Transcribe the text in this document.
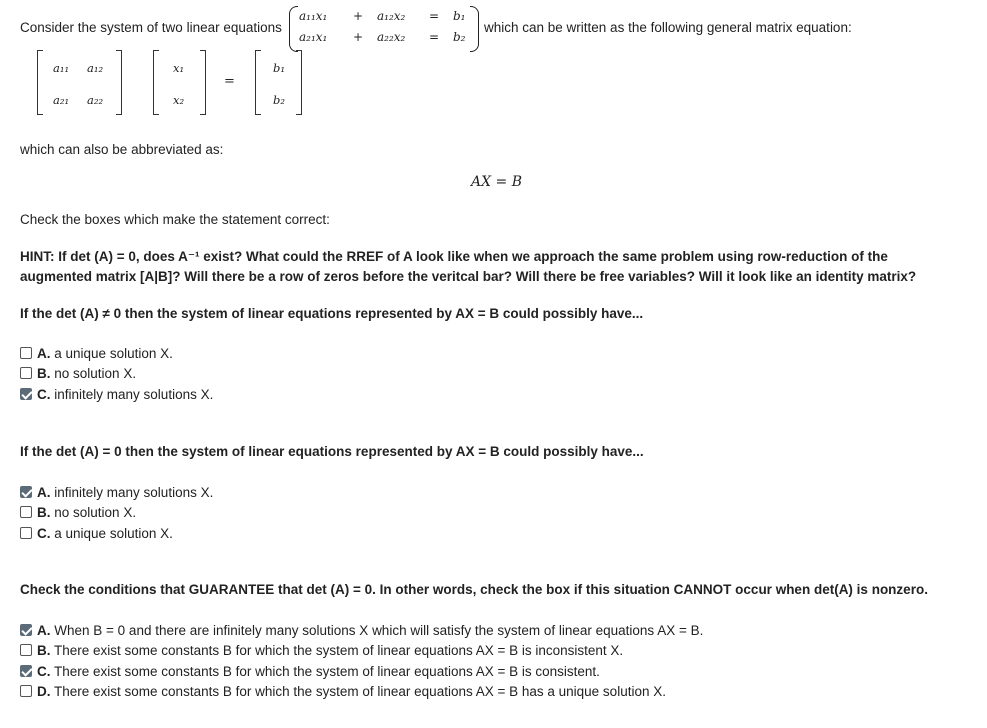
Consider the system of two linear equations
a₁₁x₁ + a₁₂x₂ = b₁
a₂₁x₁ + a₂₂x₂ = b₂
which can be written as the following general matrix equation:
a₁₁ a₁₂
a₂₁ a₂₂
x₁
x₂
=
b₁
b₂
which can also be abbreviated as:
AX = B
Check the boxes which make the statement correct:
HINT: If det (A) = 0, does A⁻¹ exist? What could the RREF of A look like when we approach the same problem using row-reduction of the
augmented matrix [A|B]? Will there be a row of zeros before the veritcal bar? Will there be free variables? Will it look like an identity matrix?
If the det (A) ≠ 0 then the system of linear equations represented by AX = B could possibly have...
A. a unique solution X.
B. no solution X.
C. infinitely many solutions X.
If the det (A) = 0 then the system of linear equations represented by AX = B could possibly have...
A. infinitely many solutions X.
B. no solution X.
C. a unique solution X.
Check the conditions that GUARANTEE that det (A) = 0. In other words, check the box if this situation CANNOT occur when det(A) is nonzero.
A. When B = 0 and there are infinitely many solutions X which will satisfy the system of linear equations AX = B.
B. There exist some constants B for which the system of linear equations AX = B is inconsistent X.
C. There exist some constants B for which the system of linear equations AX = B is consistent.
D. There exist some constants B for which the system of linear equations AX = B has a unique solution X.
